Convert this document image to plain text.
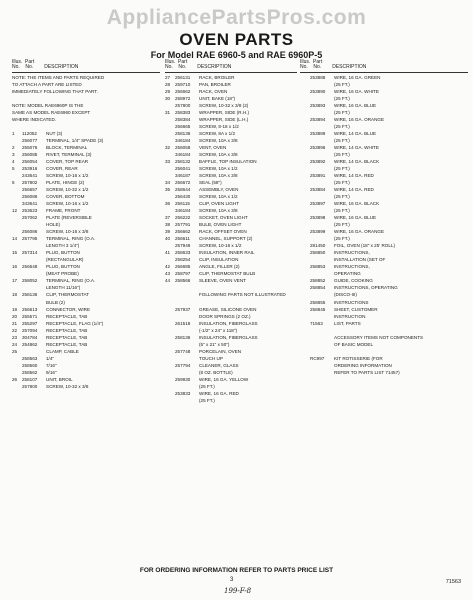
AppliancePartsPros.com
OVEN PARTS
For Model RAE 6960-5 and RAE 6960P-5
Illus.  Part
No.    No.        DESCRIPTION
NOTE: THE ITEMS AND PARTS REQUIRED
TO ATTACH A PART ARE LISTED
IMMEDIATELY FOLLOWING THAT PART.
NOTE: MODEL RAE6960P IS THE
SAME AS MODEL RAE6960 EXCEPT
WHERE INDICATED.
1	112052	NUT (3)
256077	TERMINAL, 1/4" SPADE (3)
2	255076	BLOCK, TERMINAL
3	256085	RIVET, TERMINAL (3)
4	256054	COVER, TOP REAR
5	253916	COVER, REAR
243641	SCREW, 10-16 x 1/2
6	257802	PLATE, HINGE (2)
256657	SCREW, 10-32 x 1/2
256086	COVER, BOTTOM
343641	SCREW, 10-16 x 1/2
12	253623	FRAME, FRONT
257062	PLATE (REVERSIBLE
HOLE)
256086	SCREW, 10-16 x 3/8
14	257795	TERMINAL, RING (O.A.
LENGTH 3 1/4")
15	257314	PLUG, BUTTON
(RECTANGULAR)
16	256648	PLUG, BUTTON
(MEAT PROBE)
17	258052	TERMINAL, RING (O.A.
LENGTH 11/16")
18	258136	CLIP, THERMOSTAT
BULB (2)
19	256613	CONNECTOR, WIRE
20	255571	RECEPTACLE, TAB
21	255297	RECEPTACLE, FLAG (1/4")
22	257094	RECEPTACLE, TAB
23	304784	RECEPTACLE, TAB
24	254862	RECEPTACLE, TAB
25	CLAMP, CABLE
258563	1/4"
258560	7/16"
258562	9/16"
26	258107	UNIT, BROIL
257800	SCREW, 10-32 x 3/8
Illus.  Part
No.    No.        DESCRIPTION
27	256131	RACK, BROILER
28	259710	PAN, BROILER
29	256662	RACK, OVEN
30	258972	UNIT, BAKE (18")
257800	SCREW, 10-32 x 3/8 (2)
31	258383	WRAPPER, SIDE (R.H.)
258384	WRAPPER, SIDE (L.H.)
256665	SCREW, 8-18 x 1/2
258136	SCREW, 8A x 1/2
346184	SCREW, 10A x 3/8
32	256058	VENT, OVEN
346184	SCREW, 10A x 3/8
33	258132	BAFFLE, TOP INSULATION
256041	SCREW, 10A x 1/2
346187	SCREW, 10A x 3/8
34	256672	SEAL (58")
35	258644	ASSEMBLY, OVEN
256430	SCREW, 10A x 1/2
36	256115	CLIP, OVEN LIGHT
346184	SCREW, 10A x 3/8
37	256222	SOCKET, OVEN LIGHT
38	257791	BULB, OVEN LIGHT
39	256662	RACK, OFFSET OVEN
40	256611	CHANNEL, SUPPORT (2)
257949	SCREW, 10-16 x 1/2
41	258633	INSULATION, INNER RAIL
258254	CLIP, INSULATION
42	256685	ANGLE, FILLER (2)
43	258797	CLIP, THERMOSTAT BULB
44	258566	SLEEVE, OVEN VENT
FOLLOWING PARTS NOT ILLUSTRATED
257937	GREASE, SILICONE OVEN
DOOR SPRINGS (2 OZ.)
261518	INSULATION, FIBERGLASS
(-1/2" x 24" x 118")
258136	INSULATION, FIBERGLASS
(5" x 21" x 50")
257748	PORCELAIN, OVEN
TOUCH UP
257794	CLEANER, GLASS
(8 OZ. BOTTLE)
259930	WIRE, 16 GA. YELLOW
(25 FT.)
253833	WIRE, 16 GA. RED
(25 FT.)
Illus.  Part
No.    No.        DESCRIPTION
253888	WIRE, 16 GA. GREEN
(25 FT.)
253890	WIRE, 16 GA. WHITE
(25 FT.)
253893	WIRE, 16 GA. BLUE
(25 FT.)
253894	WIRE, 16 GA. ORANGE
(25 FT.)
253889	WIRE, 14 GA. BLUE
(25 FT.)
253896	WIRE, 14 GA. WHITE
(25 FT.)
253892	WIRE, 14 GA. BLACK
(25 FT.)
253891	WIRE, 14 GA. RED
(25 FT.)
253884	WIRE, 14 GA. RED
(25 FT.)
253897	WIRE, 16 GA. BLACK
(25 FT.)
253898	WIRE, 16 GA. BLUE
(25 FT.)
253899	WIRE, 16 GA. ORANGE
(25 FT.)
281450	FOIL, OVEN (18" x 25' ROLL)
258850	INSTRUCTIONS,
INSTALLATION (SET OF
258853	INSTRUCTIONS,
OPERATING
258852	GUIDE, COOKING
258854	INSTRUCTIONS, OPERATING
(DISCO-III)
258855	INSTRUCTIONS
258845	SHEET, CUSTOMER
INSTRUCTION
71563	LIST, PARTS
ACCESSORY ITEMS NOT COMPONENTS
OF BASIC MODEL
RC997	KIT ROTISSERIE (FOR
ORDERING INFORMATION
REFER TO PARTS LIST 71457)
FOR ORDERING INFORMATION REFER TO PARTS PRICE LIST
3	71563
199-F-8
